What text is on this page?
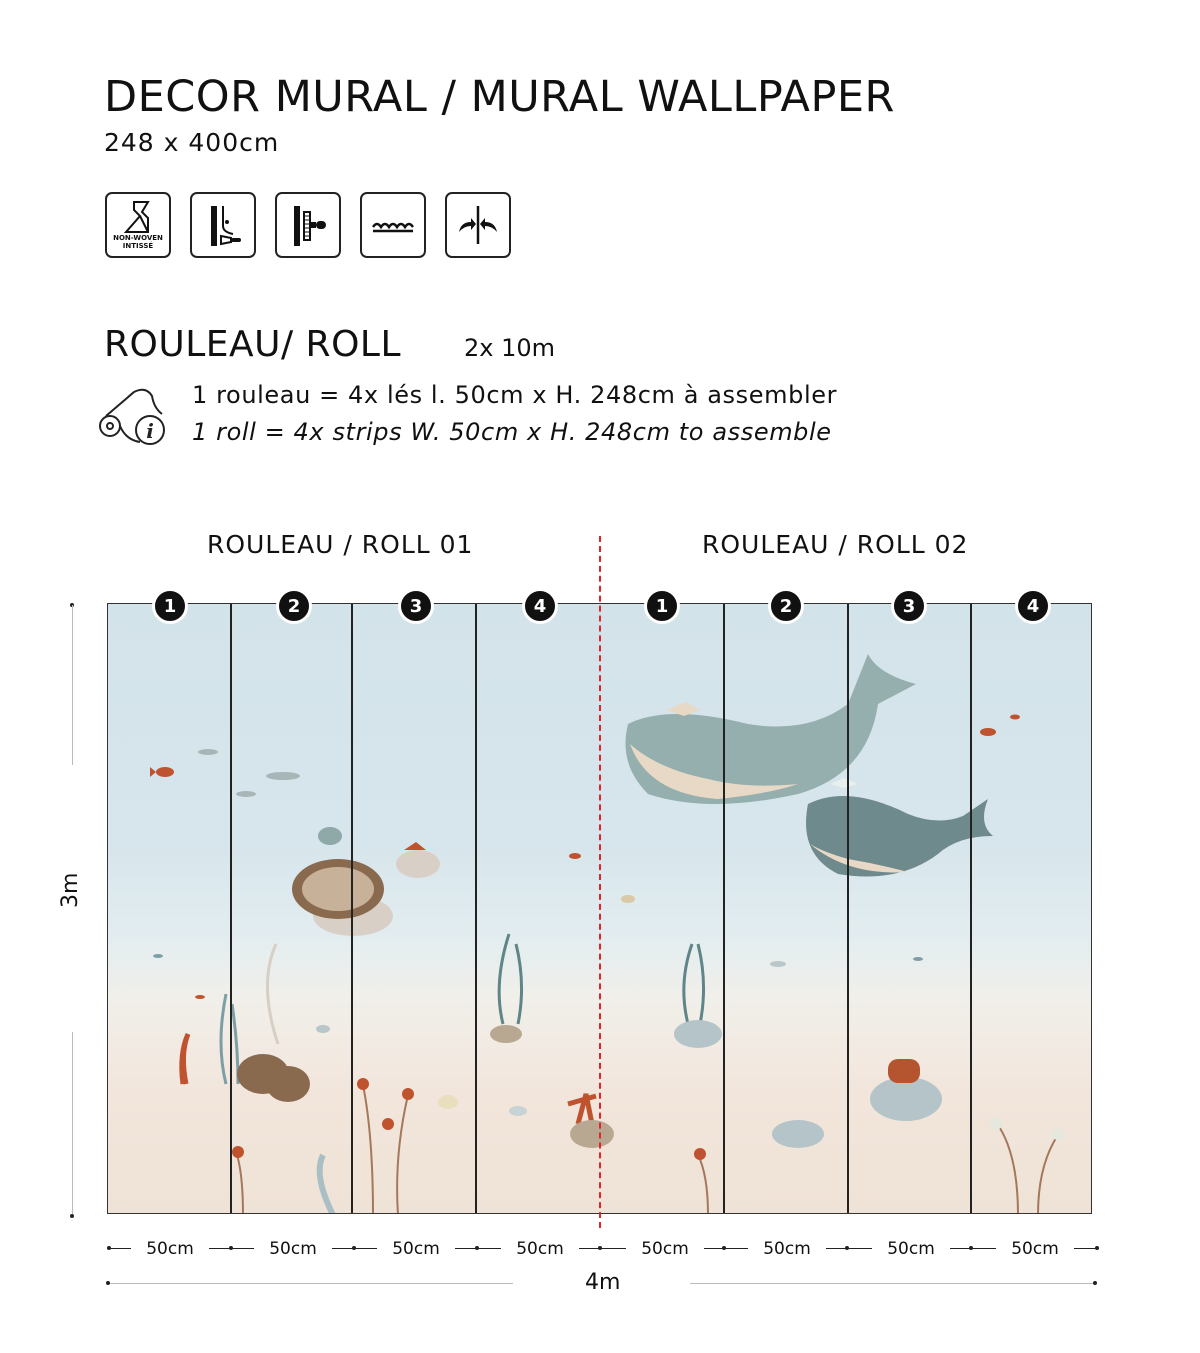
DECOR MURAL / MURAL WALLPAPER
248 x 400cm
NON-WOVEN
INTISSÉ
ROULEAU/ ROLL	2x 10m
i
1 rouleau = 4x lés l. 50cm x H. 248cm à assembler
1 roll = 4x strips W. 50cm x H. 248cm to assemble
ROULEAU / ROLL 01	ROULEAU / ROLL 02
1	2	3	4	1	2	3	4
50cm	50cm	50cm	50cm	50cm	50cm	50cm	50cm
4m
3m
